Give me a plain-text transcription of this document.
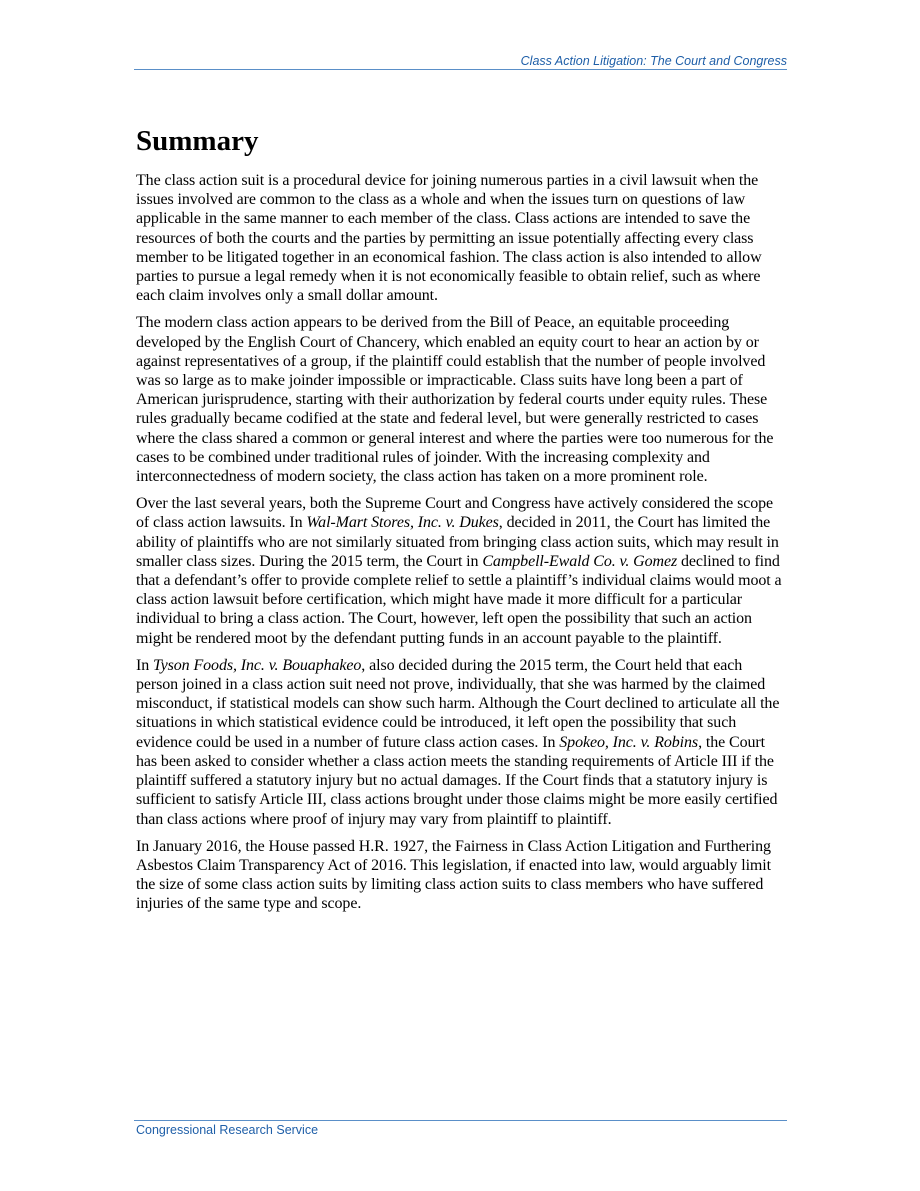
Class Action Litigation: The Court and Congress
Summary

The class action suit is a procedural device for joining numerous parties in a civil lawsuit when the issues involved are common to the class as a whole and when the issues turn on questions of law applicable in the same manner to each member of the class. Class actions are intended to save the resources of both the courts and the parties by permitting an issue potentially affecting every class member to be litigated together in an economical fashion. The class action is also intended to allow parties to pursue a legal remedy when it is not economically feasible to obtain relief, such as where each claim involves only a small dollar amount.

The modern class action appears to be derived from the Bill of Peace, an equitable proceeding developed by the English Court of Chancery, which enabled an equity court to hear an action by or against representatives of a group, if the plaintiff could establish that the number of people involved was so large as to make joinder impossible or impracticable. Class suits have long been a part of American jurisprudence, starting with their authorization by federal courts under equity rules. These rules gradually became codified at the state and federal level, but were generally restricted to cases where the class shared a common or general interest and where the parties were too numerous for the cases to be combined under traditional rules of joinder. With the increasing complexity and interconnectedness of modern society, the class action has taken on a more prominent role.

Over the last several years, both the Supreme Court and Congress have actively considered the scope of class action lawsuits. In Wal-Mart Stores, Inc. v. Dukes, decided in 2011, the Court has limited the ability of plaintiffs who are not similarly situated from bringing class action suits, which may result in smaller class sizes. During the 2015 term, the Court in Campbell-Ewald Co. v. Gomez declined to find that a defendant’s offer to provide complete relief to settle a plaintiff’s individual claims would moot a class action lawsuit before certification, which might have made it more difficult for a particular individual to bring a class action. The Court, however, left open the possibility that such an action might be rendered moot by the defendant putting funds in an account payable to the plaintiff.

In Tyson Foods, Inc. v. Bouaphakeo, also decided during the 2015 term, the Court held that each person joined in a class action suit need not prove, individually, that she was harmed by the claimed misconduct, if statistical models can show such harm. Although the Court declined to articulate all the situations in which statistical evidence could be introduced, it left open the possibility that such evidence could be used in a number of future class action cases. In Spokeo, Inc. v. Robins, the Court has been asked to consider whether a class action meets the standing requirements of Article III if the plaintiff suffered a statutory injury but no actual damages. If the Court finds that a statutory injury is sufficient to satisfy Article III, class actions brought under those claims might be more easily certified than class actions where proof of injury may vary from plaintiff to plaintiff.

In January 2016, the House passed H.R. 1927, the Fairness in Class Action Litigation and Furthering Asbestos Claim Transparency Act of 2016. This legislation, if enacted into law, would arguably limit the size of some class action suits by limiting class action suits to class members who have suffered injuries of the same type and scope.

Congressional Research Service
